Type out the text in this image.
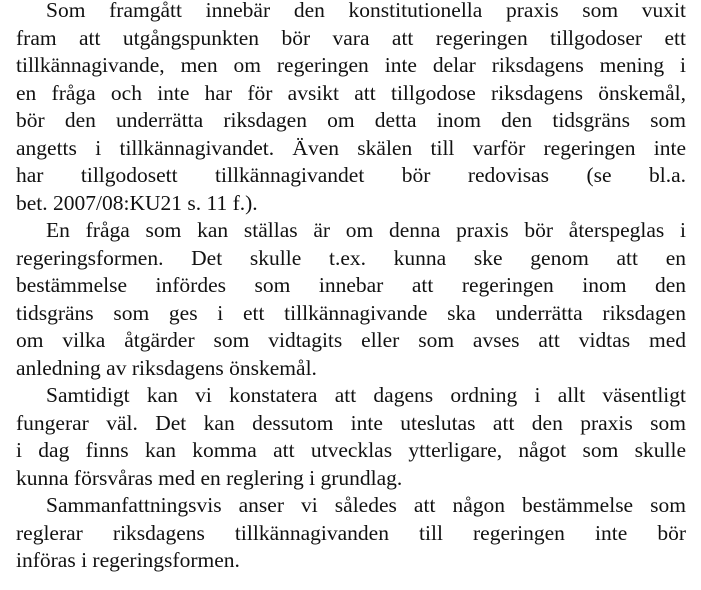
Som framgått innebär den konstitutionella praxis som vuxit
fram att utgångspunkten bör vara att regeringen tillgodoser ett
tillkännagivande, men om regeringen inte delar riksdagens mening i
en fråga och inte har för avsikt att tillgodose riksdagens önskemål,
bör den underrätta riksdagen om detta inom den tidsgräns som
angetts i tillkännagivandet. Även skälen till varför regeringen inte
har tillgodosett tillkännagivandet bör redovisas (se bl.a.
bet. 2007/08:KU21 s. 11 f.).
En fråga som kan ställas är om denna praxis bör återspeglas i
regeringsformen. Det skulle t.ex. kunna ske genom att en
bestämmelse infördes som innebar att regeringen inom den
tidsgräns som ges i ett tillkännagivande ska underrätta riksdagen
om vilka åtgärder som vidtagits eller som avses att vidtas med
anledning av riksdagens önskemål.
Samtidigt kan vi konstatera att dagens ordning i allt väsentligt
fungerar väl. Det kan dessutom inte uteslutas att den praxis som
i dag finns kan komma att utvecklas ytterligare, något som skulle
kunna försvåras med en reglering i grundlag.
Sammanfattningsvis anser vi således att någon bestämmelse som
reglerar riksdagens tillkännagivanden till regeringen inte bör
införas i regeringsformen.
